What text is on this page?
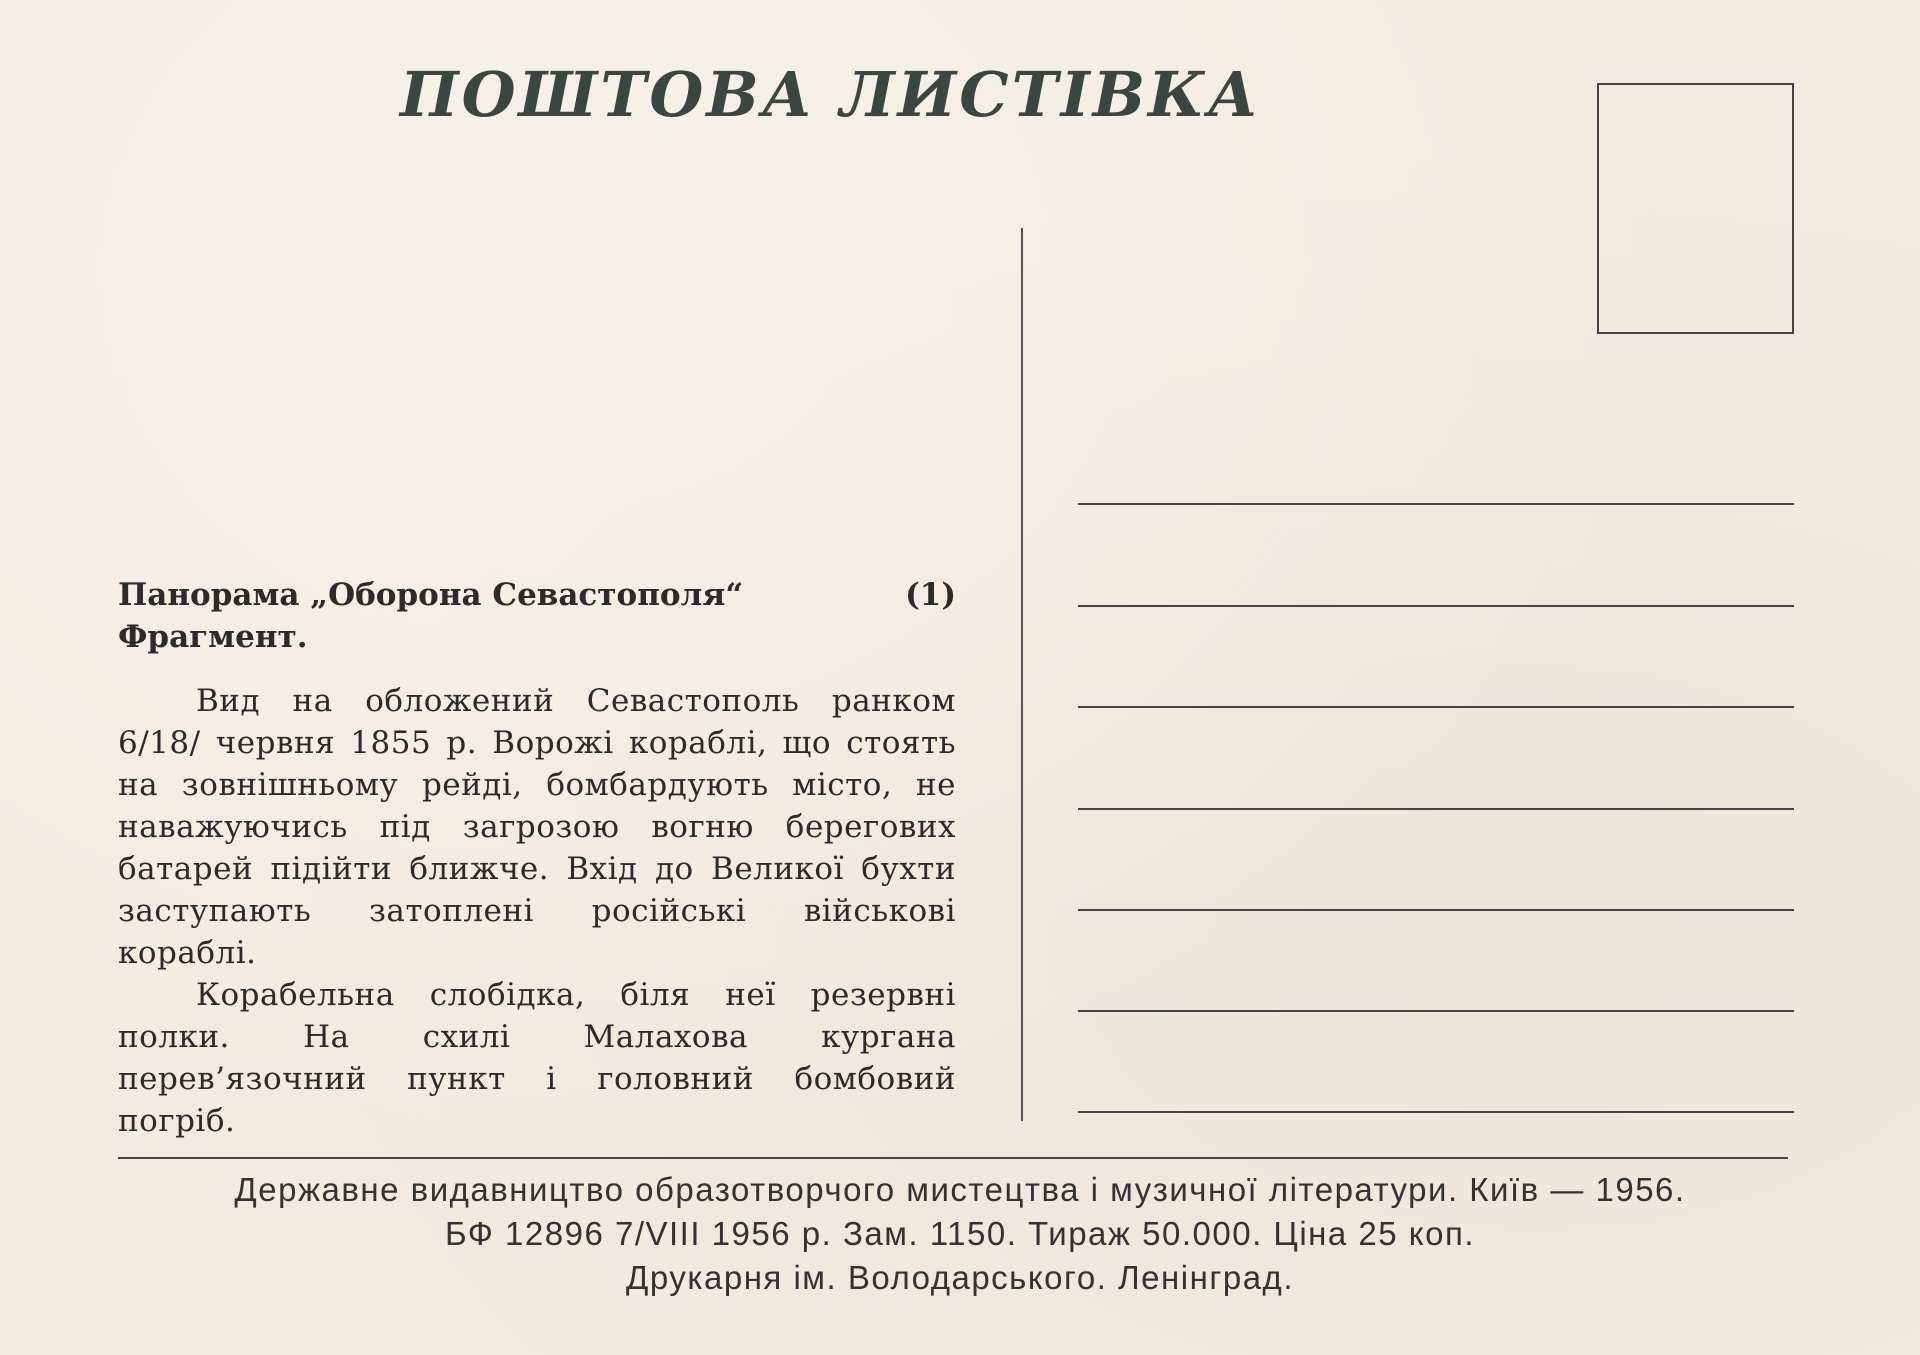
ПОШТОВА ЛИСТІВКА
Панорама „Оборона Севастополя“	(1)
Фрагмент.
Вид на обложений Севастополь ранком 6/18/ червня 1855 р. Ворожі кораблі, що стоять на зовнішньому рейді, бомбардують місто, не наважуючись під загрозою вогню берегових батарей підійти ближче. Вхід до Великої бухти заступають затоплені російські військові кораблі.
Корабельна слобідка, біля неї резервні полки. На схилі Малахова кургана перев’язочний пункт і головний бомбовий погріб.
Державне видавництво образотворчого мистецтва і музичної літератури. Київ — 1956.
БФ 12896 7/VIII 1956 р. Зам. 1150. Тираж 50.000. Ціна 25 коп.
Друкарня ім. Володарського. Ленінград.
